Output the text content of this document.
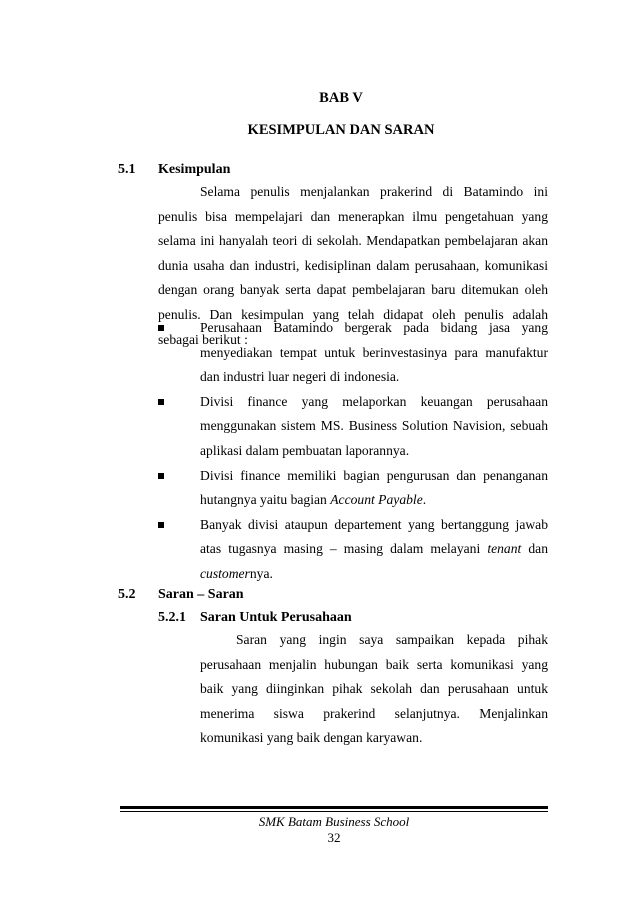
BAB V
KESIMPULAN DAN SARAN
5.1 Kesimpulan
Selama penulis menjalankan prakerind di Batamindo ini penulis bisa mempelajari dan menerapkan ilmu pengetahuan yang selama ini hanyalah teori di sekolah. Mendapatkan pembelajaran akan dunia usaha dan industri, kedisiplinan dalam perusahaan, komunikasi dengan orang banyak serta dapat pembelajaran baru ditemukan oleh penulis. Dan kesimpulan yang telah didapat oleh penulis adalah sebagai berikut :
Perusahaan Batamindo bergerak pada bidang jasa yang menyediakan tempat untuk berinvestasinya para manufaktur dan industri luar negeri di indonesia.
Divisi finance yang melaporkan keuangan perusahaan menggunakan sistem MS. Business Solution Navision, sebuah aplikasi dalam pembuatan laporannya.
Divisi finance memiliki bagian pengurusan dan penanganan hutangnya yaitu bagian Account Payable.
Banyak divisi ataupun departement yang bertanggung jawab atas tugasnya masing – masing dalam melayani tenant dan customernya.
5.2 Saran – Saran
5.2.1 Saran Untuk Perusahaan
Saran yang ingin saya sampaikan kepada pihak perusahaan menjalin hubungan baik serta komunikasi yang baik yang diinginkan pihak sekolah dan perusahaan untuk menerima siswa prakerind selanjutnya. Menjalinkan komunikasi yang baik dengan karyawan.
SMK Batam Business School
32
